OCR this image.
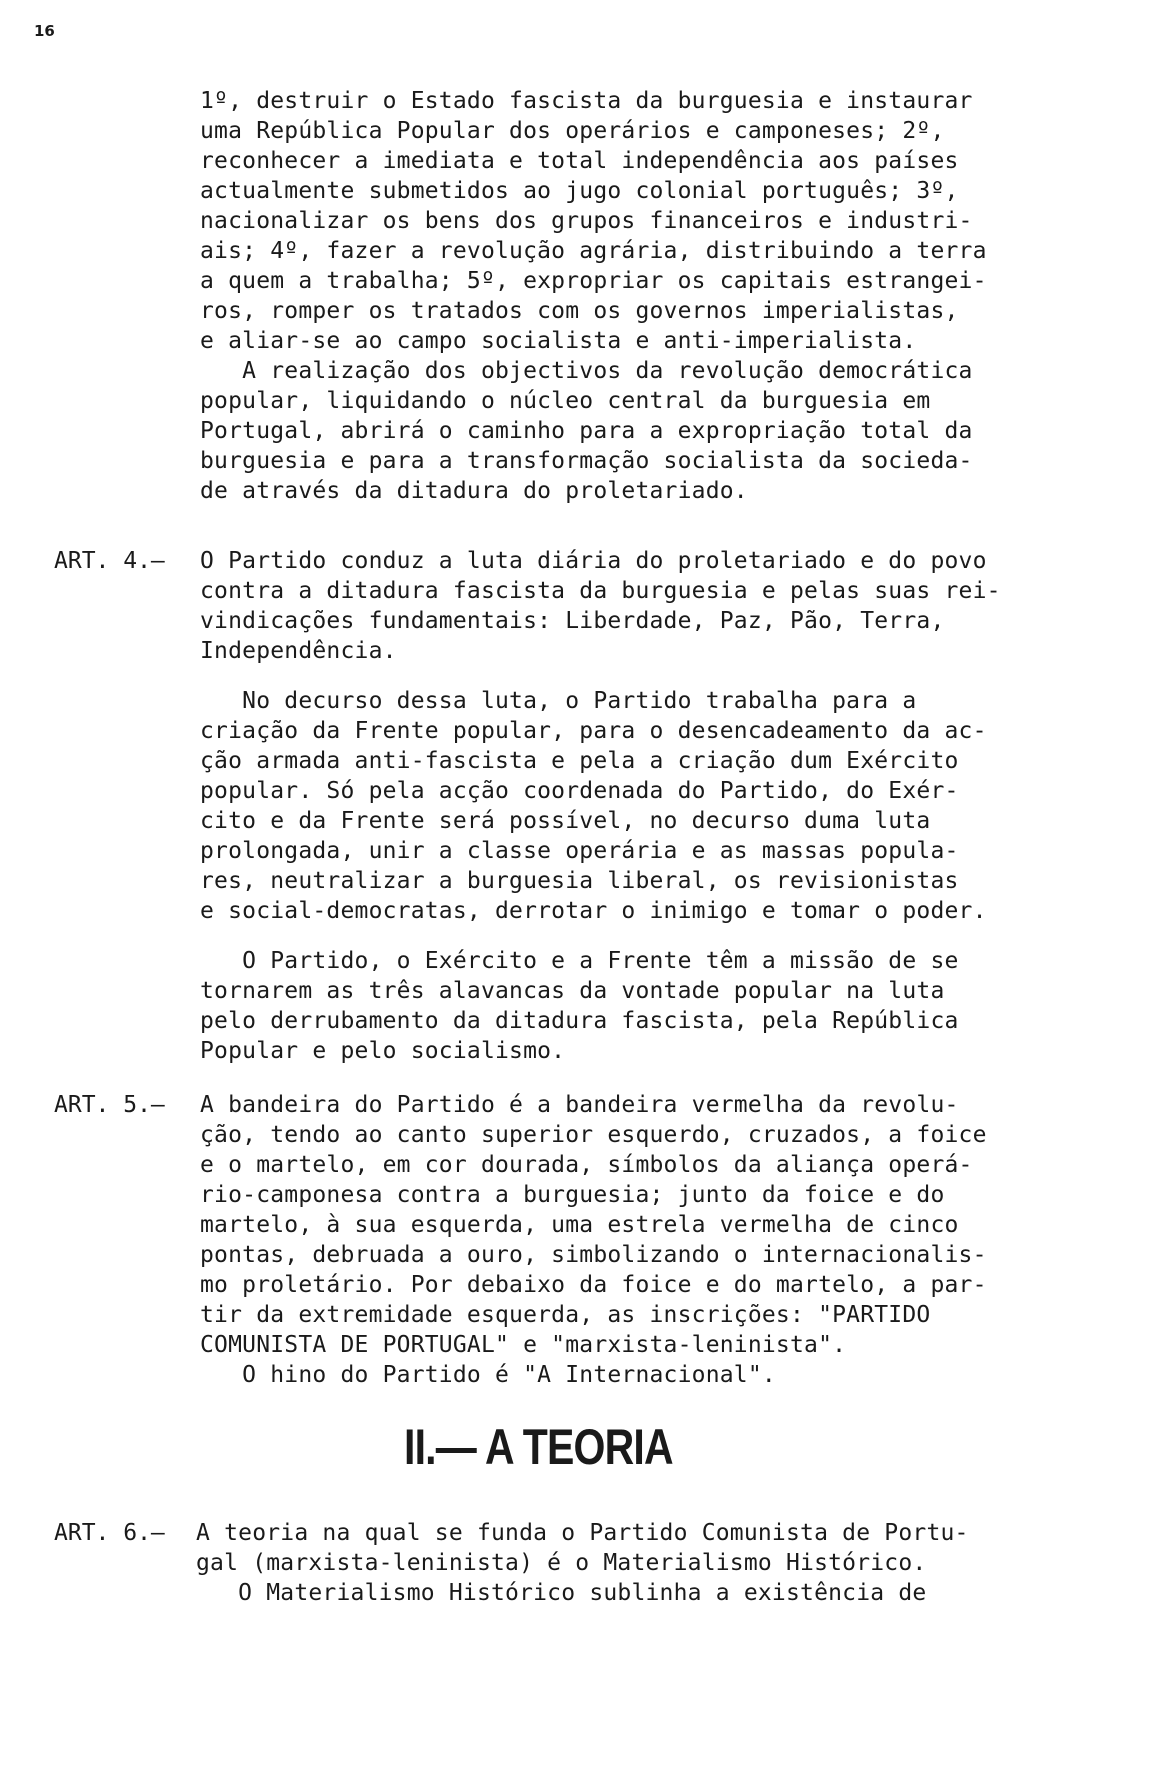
16
1º, destruir o Estado fascista da burguesia e instaurar
uma República Popular dos operários e camponeses; 2º,
reconhecer a imediata e total independência aos países
actualmente submetidos ao jugo colonial português; 3º,
nacionalizar os bens dos grupos financeiros e industri-
ais; 4º, fazer a revolução agrária, distribuindo a terra
a quem a trabalha; 5º, expropriar os capitais estrangei-
ros, romper os tratados com os governos imperialistas,
e aliar-se ao campo socialista e anti-imperialista.
A realização dos objectivos da revolução democrática
popular, liquidando o núcleo central da burguesia em
Portugal, abrirá o caminho para a expropriação total da
burguesia e para a transformação socialista da socieda-
de através da ditadura do proletariado.
ART. 4.— O Partido conduz a luta diária do proletariado e do povo
contra a ditadura fascista da burguesia e pelas suas rei-
vindicações fundamentais: Liberdade, Paz, Pão, Terra,
Independência.
No decurso dessa luta, o Partido trabalha para a
criação da Frente popular, para o desencadeamento da ac-
ção armada anti-fascista e pela a criação dum Exército
popular. Só pela acção coordenada do Partido, do Exér-
cito e da Frente será possível, no decurso duma luta
prolongada, unir a classe operária e as massas popula-
res, neutralizar a burguesia liberal, os revisionistas
e social-democratas, derrotar o inimigo e tomar o poder.
O Partido, o Exército e a Frente têm a missão de se
tornarem as três alavancas da vontade popular na luta
pelo derrubamento da ditadura fascista, pela República
Popular e pelo socialismo.
ART. 5.— A bandeira do Partido é a bandeira vermelha da revolu-
ção, tendo ao canto superior esquerdo, cruzados, a foice
e o martelo, em cor dourada, símbolos da aliança operá-
rio-camponesa contra a burguesia; junto da foice e do
martelo, à sua esquerda, uma estrela vermelha de cinco
pontas, debruada a ouro, simbolizando o internacionalis-
mo proletário. Por debaixo da foice e do martelo, a par-
tir da extremidade esquerda, as inscrições: "PARTIDO
COMUNISTA DE PORTUGAL" e "marxista-leninista".
O hino do Partido é "A Internacional".
II.— A TEORIA
ART. 6.— A teoria na qual se funda o Partido Comunista de Portu-
gal (marxista-leninista) é o Materialismo Histórico.
O Materialismo Histórico sublinha a existência de
